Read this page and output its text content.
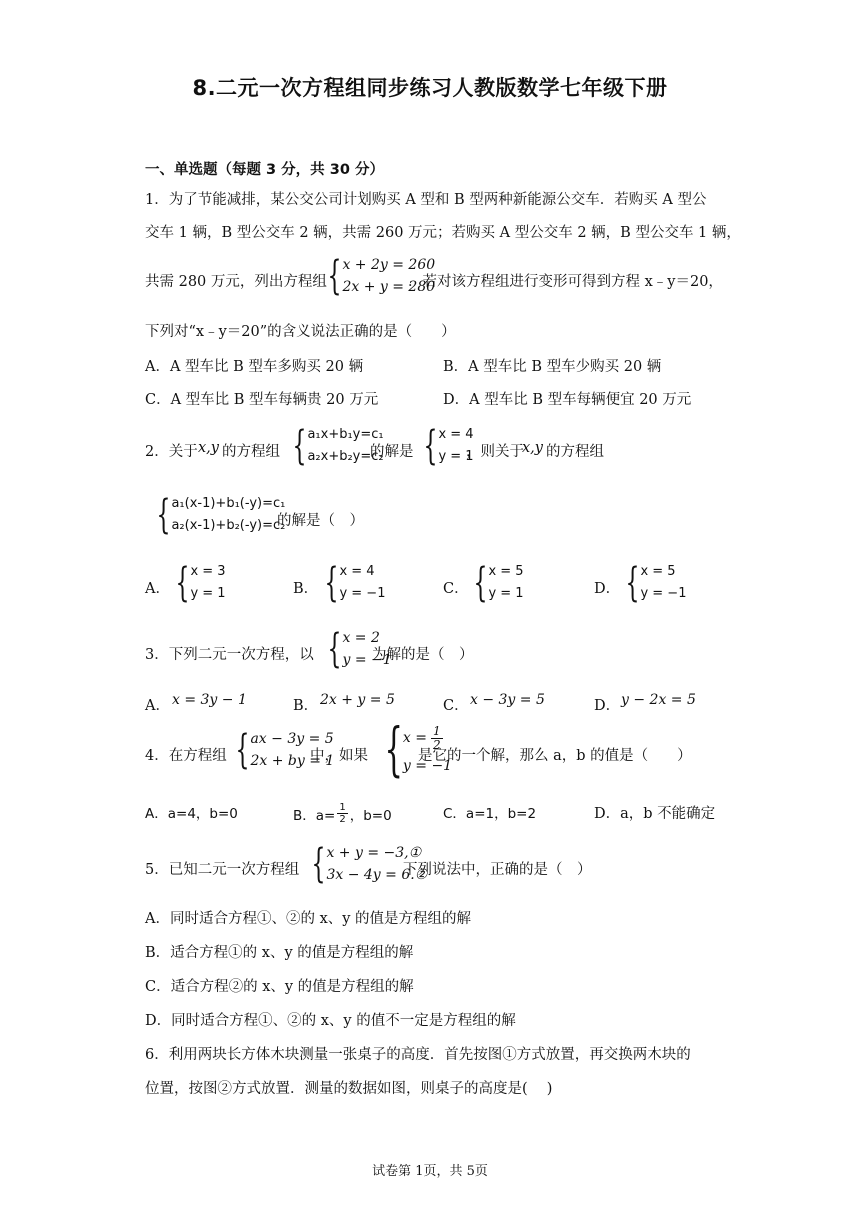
8.二元一次方程组同步练习人教版数学七年级下册
一、单选题（每题 3 分，共 30 分）
1．为了节能减排，某公交公司计划购买 A 型和 B 型两种新能源公交车．若购买 A 型公
交车 1 辆，B 型公交车 2 辆，共需 260 万元；若购买 A 型公交车 2 辆，B 型公交车 1 辆，
共需 280 万元，列出方程组 { x + 2y = 260
2x + y = 280
．若对该方程组进行变形可得到方程 x﹣y＝20，
下列对“x﹣y＝20”的含义说法正确的是（　　）
A．A 型车比 B 型车多购买 20 辆	B．A 型车比 B 型车少购买 20 辆
C．A 型车比 B 型车每辆贵 20 万元	D．A 型车比 B 型车每辆便宜 20 万元
2．关于 x,y 的方程组 { a₁x+b₁y=c₁
a₂x+b₂y=c₂
的解是 { x = 4
y = 1
，则关于
x,y 的方程组
{ a₁(x-1)+b₁(-y)=c₁
a₂(x-1)+b₂(-y)=c₂
的解是（　）
A． { x = 3
y = 1	B． { x = 4
y = −1	C． { x = 5
y = 1	D． { x = 5
y = −1
3．下列二元一次方程，以 { x = 2
y = −1
为解的是（　）
A． x = 3y − 1	B． 2x + y = 5	C． x − 3y = 5	D． y − 2x = 5
4．在方程组 { ax − 3y = 5
2x + by = 1
中，如果 { $x = \frac{1}{2}$
y = −1
是它的一个解，那么 a，b 的值是（　　）
A．a=4，b=0	B．$a= \frac{1}{2}$ ，b=0	C．a=1，b=2	D．a，b 不能确定
5．已知二元一次方程组 { x + y = −3,①
3x − 4y = 6.②
下列说法中，正确的是（　）
A．同时适合方程①、②的 x、y 的值是方程组的解
B．适合方程①的 x、y 的值是方程组的解
C．适合方程②的 x、y 的值是方程组的解
D．同时适合方程①、②的 x、y 的值不一定是方程组的解
6．利用两块长方体木块测量一张桌子的高度．首先按图①方式放置，再交换两木块的
位置，按图②方式放置．测量的数据如图，则桌子的高度是(　 )
试卷第 1页，共 5页
